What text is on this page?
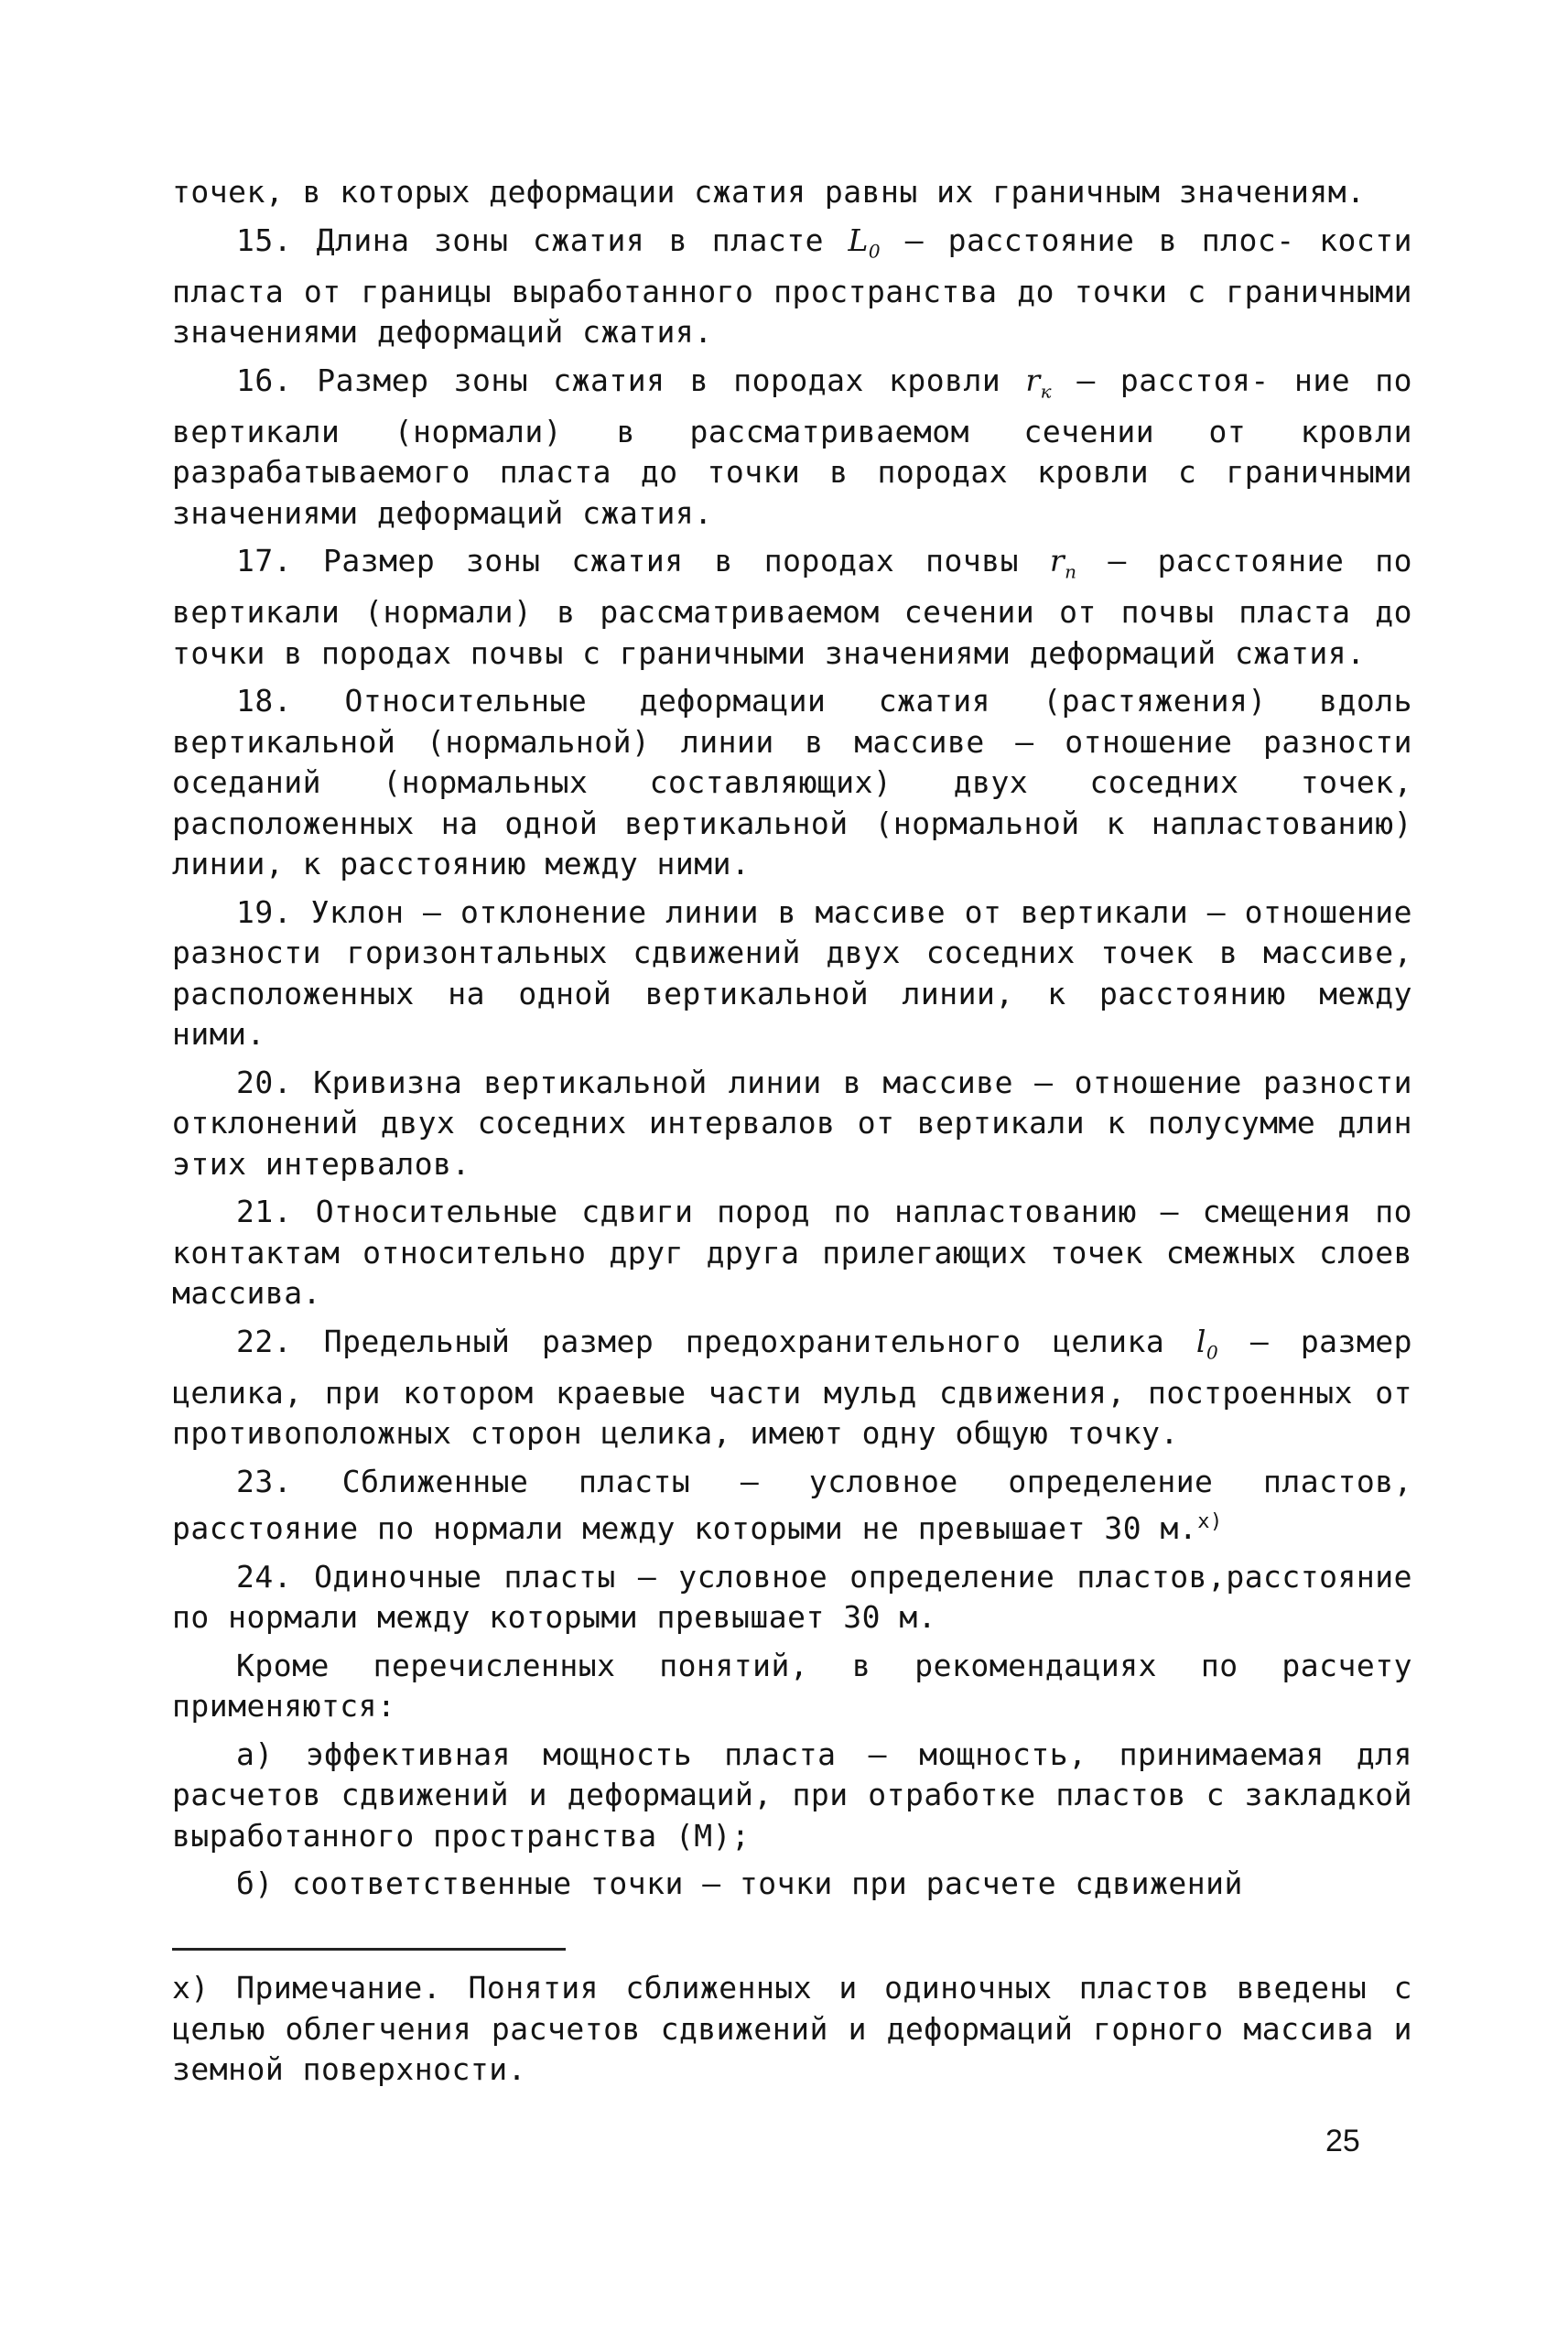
точек, в которых деформации сжатия равны их граничным значениям.

15. Длина зоны сжатия в пласте $L_0$ – расстояние в плос- кости пласта от границы выработанного пространства до точки с граничными значениями деформаций сжатия.

16. Размер зоны сжатия в породах кровли $r_к$ – расстоя- ние по вертикали (нормали) в рассматриваемом сечении от кровли разрабатываемого пласта до точки в породах кровли с граничными значениями деформаций сжатия.

17. Размер зоны сжатия в породах почвы $r_п$ – расстояние по вертикали (нормали) в рассматриваемом сечении от почвы пласта до точки в породах почвы с граничными значениями деформаций сжатия.

18. Относительные деформации сжатия (растяжения) вдоль вертикальной (нормальной) линии в массиве – отношение разности оседаний (нормальных составляющих) двух соседних точек, расположенных на одной вертикальной (нормальной к напластованию) линии, к расстоянию между ними.

19. Уклон – отклонение линии в массиве от вертикали – отношение разности горизонтальных сдвижений двух соседних точек в массиве, расположенных на одной вертикальной линии, к расстоянию между ними.

20. Кривизна вертикальной линии в массиве – отношение разности отклонений двух соседних интервалов от вертикали к полусумме длин этих интервалов.

21. Относительные сдвиги пород по напластованию – смещения по контактам относительно друг друга прилегающих точек смежных слоев массива.

22. Предельный размер предохранительного целика $l_0$ – размер целика, при котором краевые части мульд сдвижения, построенных от противоположных сторон целика, имеют одну общую точку.

23. Сближенные пласты – условное определение пластов, расстояние по нормали между которыми не превышает 30 м.$^{x)}$

24. Одиночные пласты – условное определение пластов,расстояние по нормали между которыми превышает 30 м.

Кроме перечисленных понятий, в рекомендациях по расчету применяются:

а) эффективная мощность пласта – мощность, принимаемая для расчетов сдвижений и деформаций, при отработке пластов с закладкой выработанного пространства (M);

б) соответственные точки – точки при расчете сдвижений

x) Примечание. Понятия сближенных и одиночных пластов введены с целью облегчения расчетов сдвижений и деформаций горного массива и земной поверхности.
25
